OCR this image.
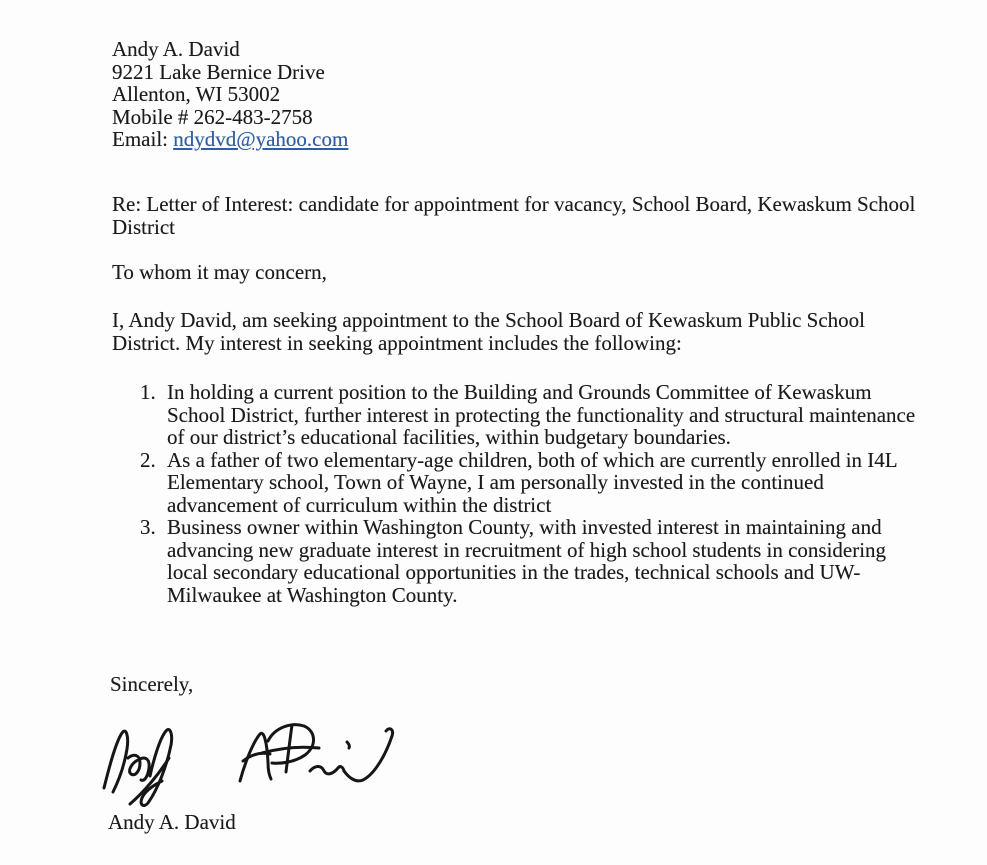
Andy A. David
9221 Lake Bernice Drive
Allenton, WI 53002
Mobile # 262-483-2758
Email: ndydvd@yahoo.com
Re: Letter of Interest: candidate for appointment for vacancy, School Board, Kewaskum School
District
To whom it may concern,
I, Andy David, am seeking appointment to the School Board of Kewaskum Public School
District. My interest in seeking appointment includes the following:
1. In holding a current position to the Building and Grounds Committee of Kewaskum
School District, further interest in protecting the functionality and structural maintenance
of our district’s educational facilities, within budgetary boundaries.
2. As a father of two elementary-age children, both of which are currently enrolled in I4L
Elementary school, Town of Wayne, I am personally invested in the continued
advancement of curriculum within the district
3. Business owner within Washington County, with invested interest in maintaining and
advancing new graduate interest in recruitment of high school students in considering
local secondary educational opportunities in the trades, technical schools and UW-
Milwaukee at Washington County.
Sincerely,
Andy A. David
